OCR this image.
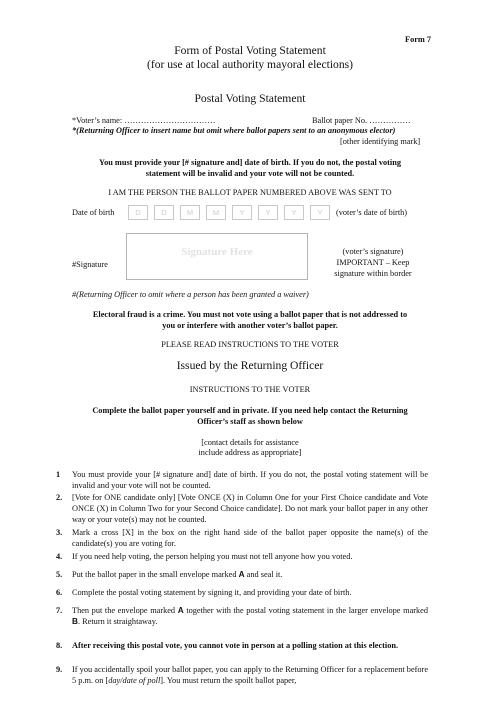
Form 7
Form of Postal Voting Statement
(for use at local authority mayoral elections)
Postal Voting Statement
*Voter’s name: ……………………………	Ballot paper No. ……………
*(Returning Officer to insert name but omit where ballot papers sent to an anonymous elector)
[other identifying mark]
You must provide your [# signature and] date of birth. If you do not, the postal voting
statement will be invalid and your vote will not be counted.
I AM THE PERSON THE BALLOT PAPER NUMBERED ABOVE WAS SENT TO
Date of birth	D	D	M	M	Y	Y	Y	Y	(voter’s date of birth)
#Signature
Signature Here	(voter’s signature)
IMPORTANT – Keep
signature within border
#(Returning Officer to omit where a person has been granted a waiver)
Electoral fraud is a crime. You must not vote using a ballot paper that is not addressed to
you or interfere with another voter’s ballot paper.
PLEASE READ INSTRUCTIONS TO THE VOTER
Issued by the Returning Officer
INSTRUCTIONS TO THE VOTER
Complete the ballot paper yourself and in private. If you need help contact the Returning
Officer’s staff as shown below
[contact details for assistance
include address as appropriate]
1 You must provide your [# signature and] date of birth. If you do not, the postal voting statement will be invalid and your vote will not be counted.
2. [Vote for ONE candidate only] [Vote ONCE (X) in Column One for your First Choice candidate and Vote ONCE (X) in Column Two for your Second Choice candidate]. Do not mark your ballot paper in any other way or your vote(s) may not be counted.
3. Mark a cross [X] in the box on the right hand side of the ballot paper opposite the name(s) of the candidate(s) you are voting for.
4. If you need help voting, the person helping you must not tell anyone how you voted.
5. Put the ballot paper in the small envelope marked A and seal it.
6. Complete the postal voting statement by signing it, and providing your date of birth.
7. Then put the envelope marked A together with the postal voting statement in the larger envelope marked B. Return it straightaway.
8. After receiving this postal vote, you cannot vote in person at a polling station at this election.
9. If you accidentally spoil your ballot paper, you can apply to the Returning Officer for a replacement before 5 p.m. on [day/date of poll]. You must return the spoilt ballot paper,
